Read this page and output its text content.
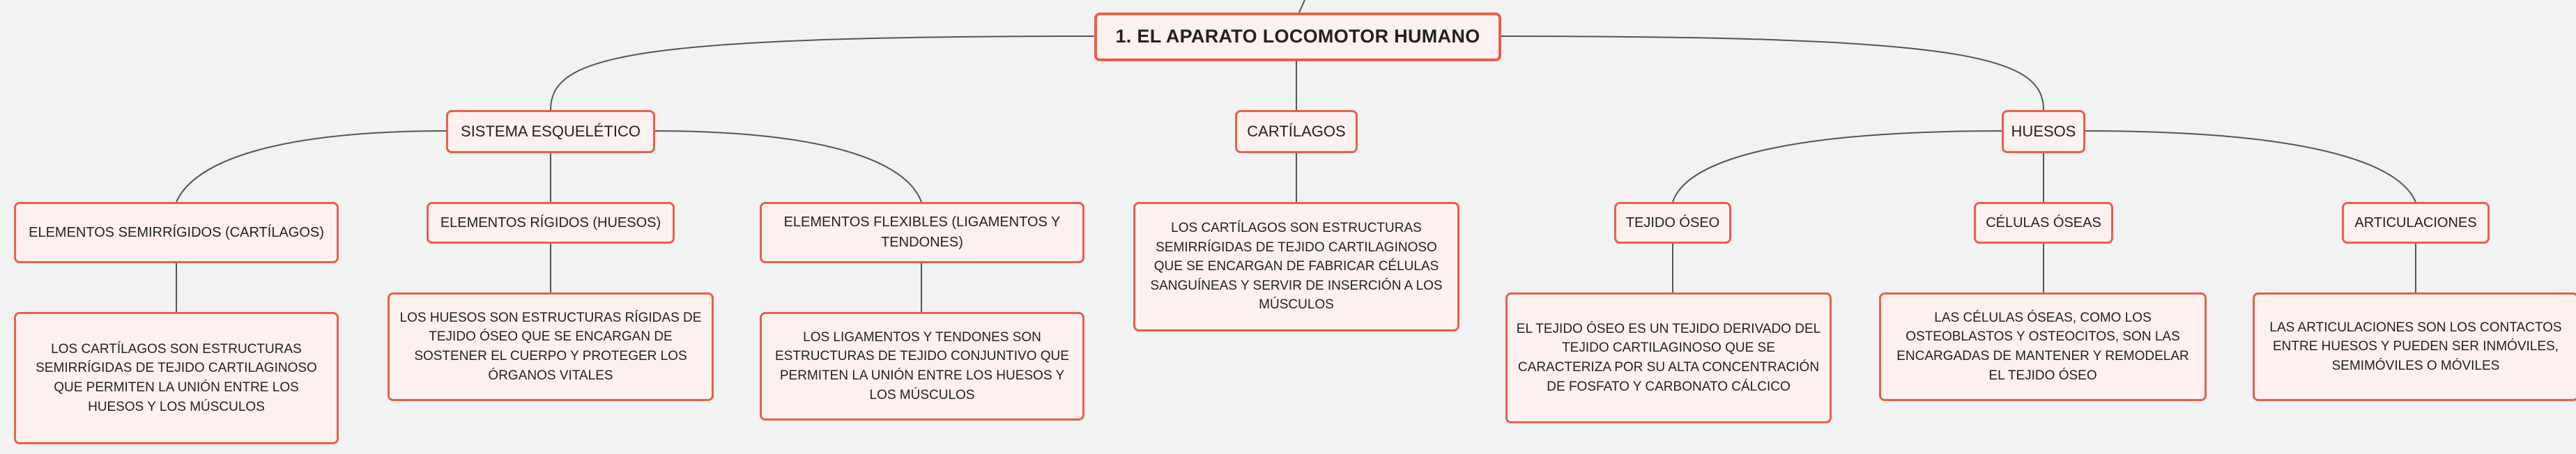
1. EL APARATO LOCOMOTOR HUMANO
SISTEMA ESQUELÉTICO	CARTÍLAGOS	HUESOS
ELEMENTOS SEMIRRÍGIDOS (CARTÍLAGOS)
ELEMENTOS RÍGIDOS (HUESOS)	ELEMENTOS FLEXIBLES (LIGAMENTOS Y TENDONES)
LOS CARTÍLAGOS SON ESTRUCTURAS SEMIRRÍGIDAS DE TEJIDO CARTILAGINOSO QUE SE ENCARGAN DE FABRICAR CÉLULAS SANGUÍNEAS Y SERVIR DE INSERCIÓN A LOS MÚSCULOS
TEJIDO ÓSEO	CÉLULAS ÓSEAS	ARTICULACIONES
LOS CARTÍLAGOS SON ESTRUCTURAS SEMIRRÍGIDAS DE TEJIDO CARTILAGINOSO QUE PERMITEN LA UNIÓN ENTRE LOS HUESOS Y LOS MÚSCULOS
LOS HUESOS SON ESTRUCTURAS RÍGIDAS DE TEJIDO ÓSEO QUE SE ENCARGAN DE SOSTENER EL CUERPO Y PROTEGER LOS ÓRGANOS VITALES
LOS LIGAMENTOS Y TENDONES SON ESTRUCTURAS DE TEJIDO CONJUNTIVO QUE PERMITEN LA UNIÓN ENTRE LOS HUESOS Y LOS MÚSCULOS
EL TEJIDO ÓSEO ES UN TEJIDO DERIVADO DEL TEJIDO CARTILAGINOSO QUE SE CARACTERIZA POR SU ALTA CONCENTRACIÓN DE FOSFATO Y CARBONATO CÁLCICO
LAS CÉLULAS ÓSEAS, COMO LOS OSTEOBLASTOS Y OSTEOCITOS, SON LAS ENCARGADAS DE MANTENER Y REMODELAR EL TEJIDO ÓSEO
LAS ARTICULACIONES SON LOS CONTACTOS ENTRE HUESOS Y PUEDEN SER INMÓVILES, SEMIMÓVILES O MÓVILES
